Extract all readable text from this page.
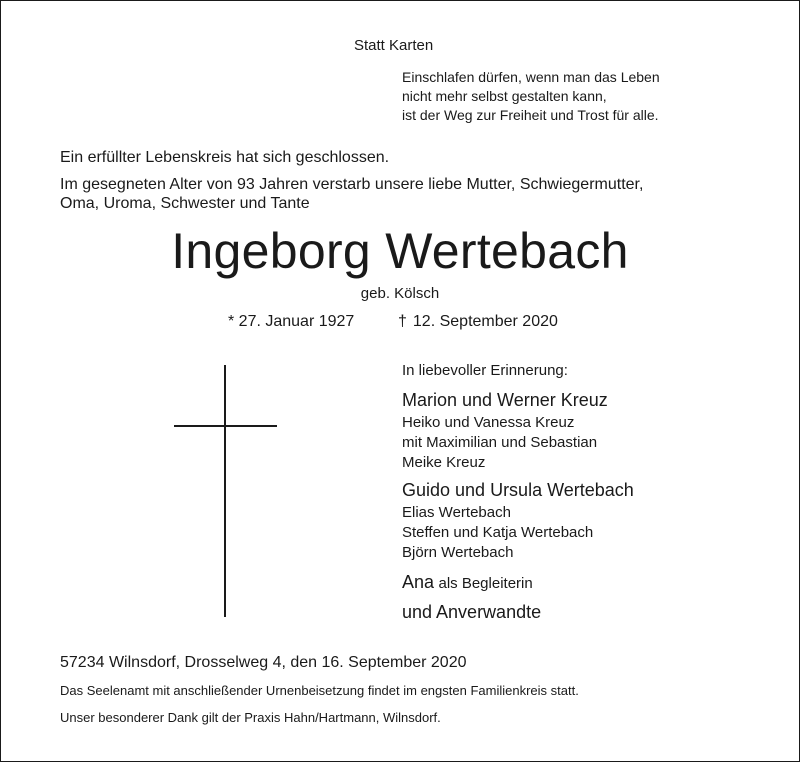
Statt Karten
Einschlafen dürfen, wenn man das Leben
nicht mehr selbst gestalten kann,
ist der Weg zur Freiheit und Trost für alle.
Ein erfüllter Lebenskreis hat sich geschlossen.
Im gesegneten Alter von 93 Jahren verstarb unsere liebe Mutter, Schwiegermutter,
Oma, Uroma, Schwester und Tante
Ingeborg Wertebach
geb. Kölsch
* 27. Januar 1927	† 12. September 2020
In liebevoller Erinnerung:
Marion und Werner Kreuz
Heiko und Vanessa Kreuz
mit Maximilian und Sebastian
Meike Kreuz
Guido und Ursula Wertebach
Elias Wertebach
Steffen und Katja Wertebach
Björn Wertebach
Ana als Begleiterin
und Anverwandte
57234 Wilnsdorf, Drosselweg 4, den 16. September 2020
Das Seelenamt mit anschließender Urnenbeisetzung findet im engsten Familienkreis statt.
Unser besonderer Dank gilt der Praxis Hahn/Hartmann, Wilnsdorf.
